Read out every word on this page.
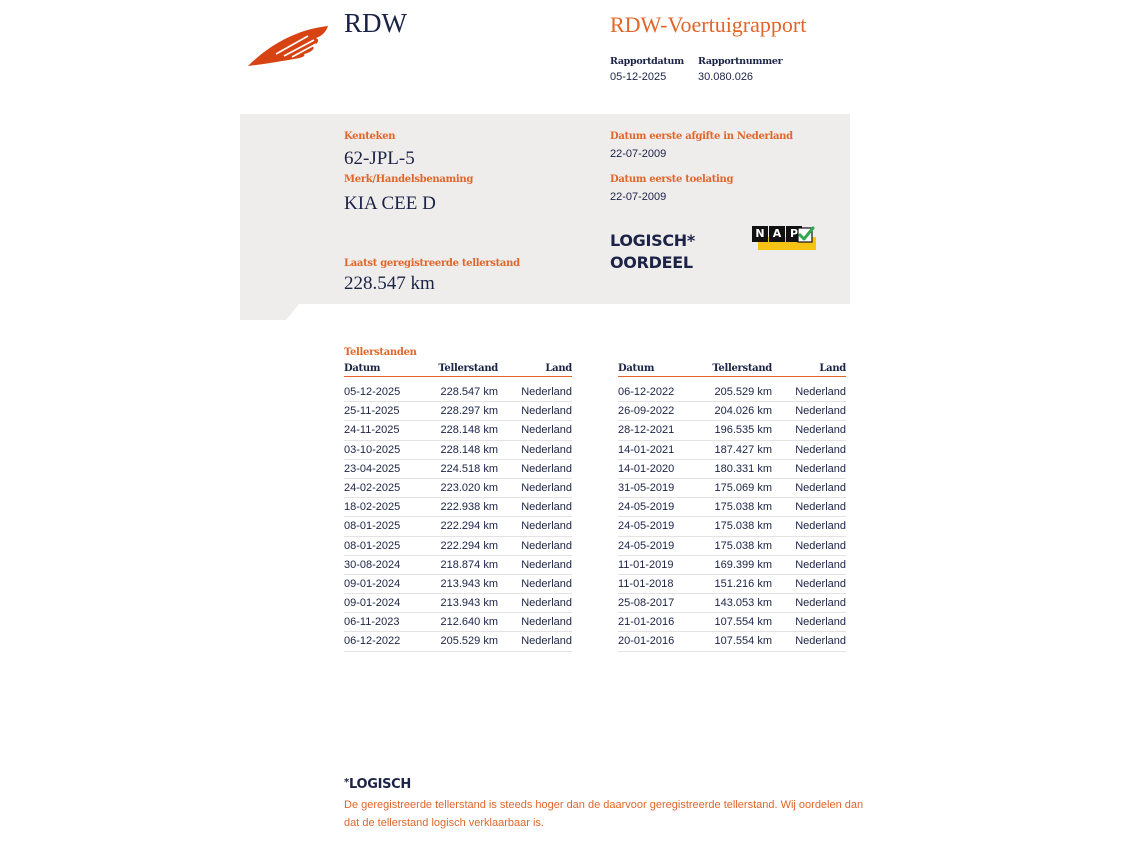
RDW	RDW-Voertuigrapport
Rapportdatum
05-12-2025
Rapportnummer
30.080.026
Kenteken
62-JPL-5
Merk/Handelsbenaming
KIA CEE D
Laatst geregistreerde tellerstand
228.547 km
Datum eerste afgifte in Nederland
22-07-2009
Datum eerste toelating
22-07-2009
LOGISCH*
OORDEEL
N A P
Tellerstanden
Datum	Tellerstand	Land
05-12-2025	228.547 km	Nederland
25-11-2025	228.297 km	Nederland
24-11-2025	228.148 km	Nederland
03-10-2025	228.148 km	Nederland
23-04-2025	224.518 km	Nederland
24-02-2025	223.020 km	Nederland
18-02-2025	222.938 km	Nederland
08-01-2025	222.294 km	Nederland
08-01-2025	222.294 km	Nederland
30-08-2024	218.874 km	Nederland
09-01-2024	213.943 km	Nederland
09-01-2024	213.943 km	Nederland
06-11-2023	212.640 km	Nederland
06-12-2022	205.529 km	Nederland
Datum	Tellerstand	Land
06-12-2022	205.529 km	Nederland
26-09-2022	204.026 km	Nederland
28-12-2021	196.535 km	Nederland
14-01-2021	187.427 km	Nederland
14-01-2020	180.331 km	Nederland
31-05-2019	175.069 km	Nederland
24-05-2019	175.038 km	Nederland
24-05-2019	175.038 km	Nederland
24-05-2019	175.038 km	Nederland
11-01-2019	169.399 km	Nederland
11-01-2018	151.216 km	Nederland
25-08-2017	143.053 km	Nederland
21-01-2016	107.554 km	Nederland
20-01-2016	107.554 km	Nederland
*LOGISCH
De geregistreerde tellerstand is steeds hoger dan de daarvoor geregistreerde tellerstand. Wij oordelen dan dat de tellerstand logisch verklaarbaar is.
